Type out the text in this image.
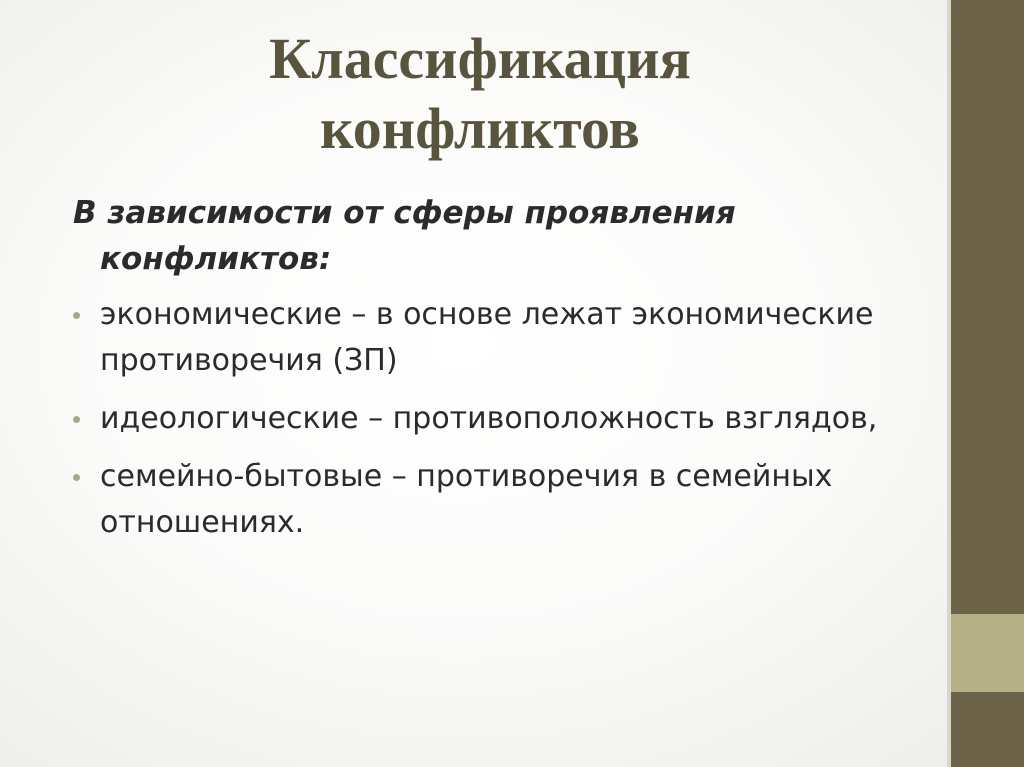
Классификация
конфликтов

В зависимости от сферы проявления конфликтов:

экономические – в основе лежат экономические противоречия (ЗП)
идеологические – противоположность взглядов,
семейно-бытовые – противоречия в семейных отношениях.
